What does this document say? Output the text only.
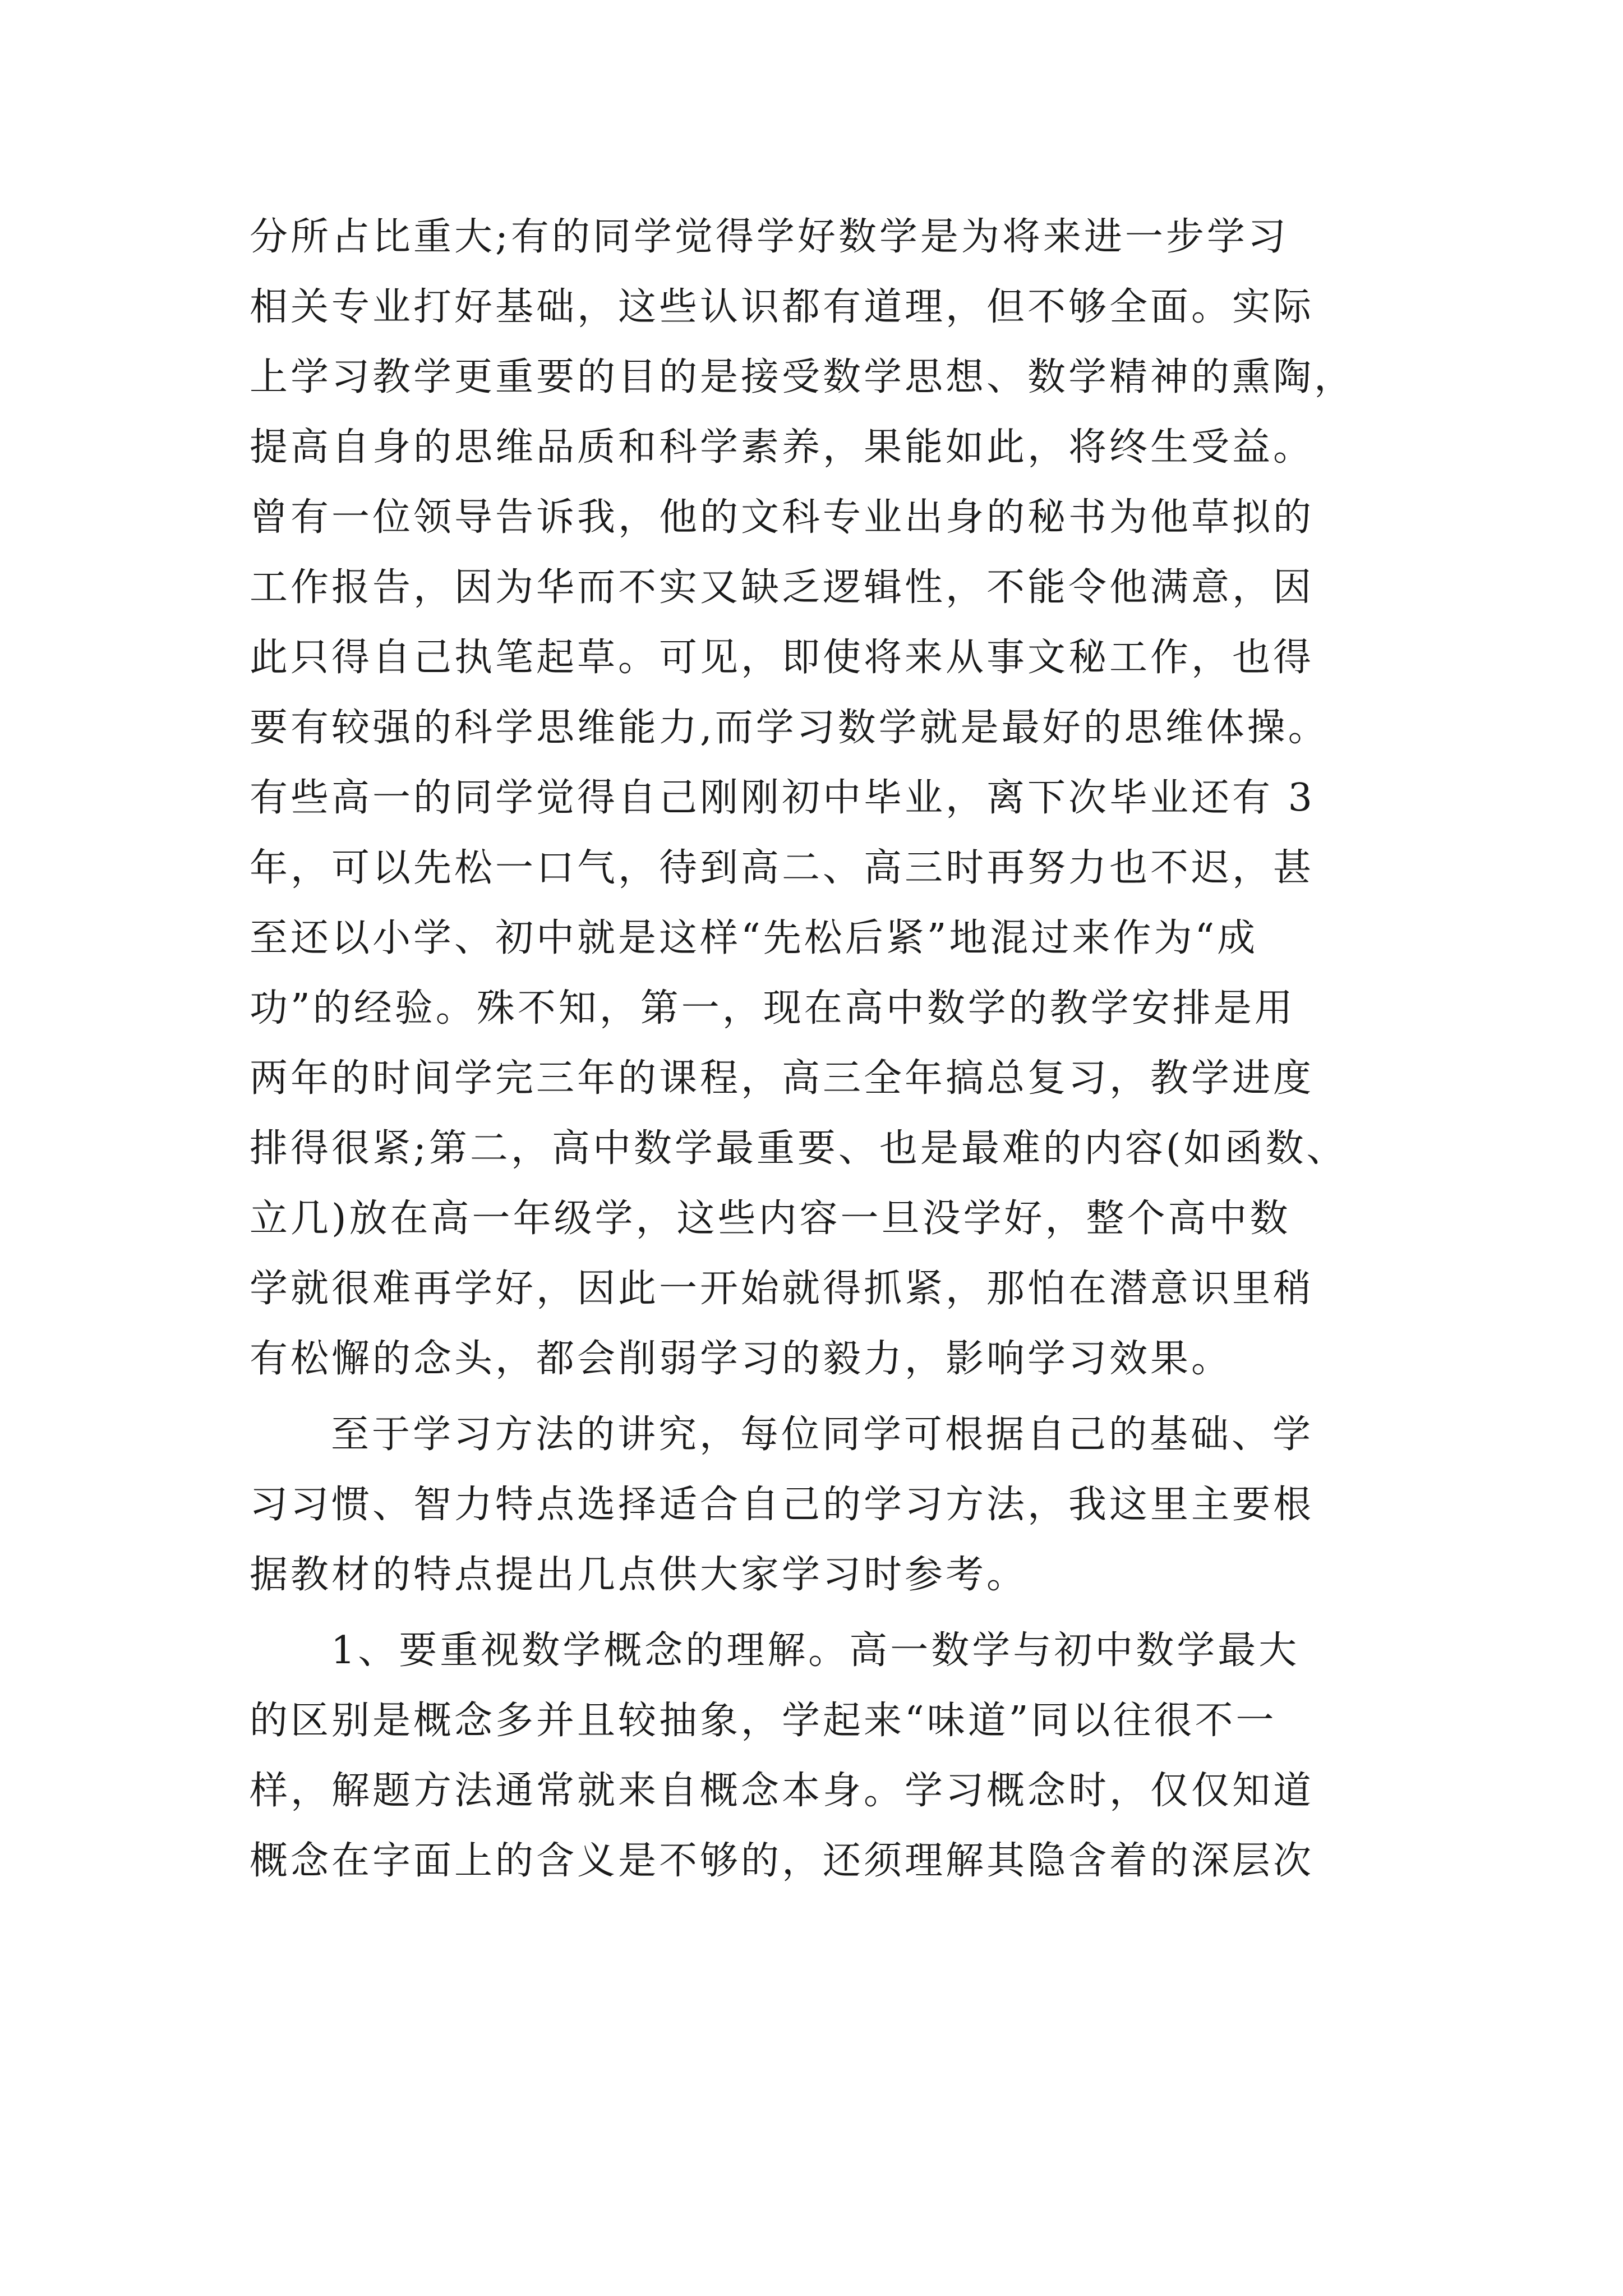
分所占比重大;有的同学觉得学好数学是为将来进一步学习
相关专业打好基础，这些认识都有道理，但不够全面。实际
上学习教学更重要的目的是接受数学思想、数学精神的熏陶，
提高自身的思维品质和科学素养，果能如此，将终生受益。
曾有一位领导告诉我，他的文科专业出身的秘书为他草拟的
工作报告，因为华而不实又缺乏逻辑性，不能令他满意，因
此只得自己执笔起草。可见，即使将来从事文秘工作，也得
要有较强的科学思维能力,而学习数学就是最好的思维体操。
有些高一的同学觉得自己刚刚初中毕业，离下次毕业还有 3
年，可以先松一口气，待到高二、高三时再努力也不迟，甚
至还以小学、初中就是这样“先松后紧”地混过来作为“成
功”的经验。殊不知，第一，现在高中数学的教学安排是用
两年的时间学完三年的课程，高三全年搞总复习，教学进度
排得很紧;第二，高中数学最重要、也是最难的内容(如函数、
立几)放在高一年级学，这些内容一旦没学好，整个高中数
学就很难再学好，因此一开始就得抓紧，那怕在潜意识里稍
有松懈的念头，都会削弱学习的毅力，影响学习效果。
至于学习方法的讲究，每位同学可根据自己的基础、学
习习惯、智力特点选择适合自己的学习方法，我这里主要根
据教材的特点提出几点供大家学习时参考。
1、要重视数学概念的理解。高一数学与初中数学最大
的区别是概念多并且较抽象，学起来“味道”同以往很不一
样，解题方法通常就来自概念本身。学习概念时，仅仅知道
概念在字面上的含义是不够的，还须理解其隐含着的深层次
